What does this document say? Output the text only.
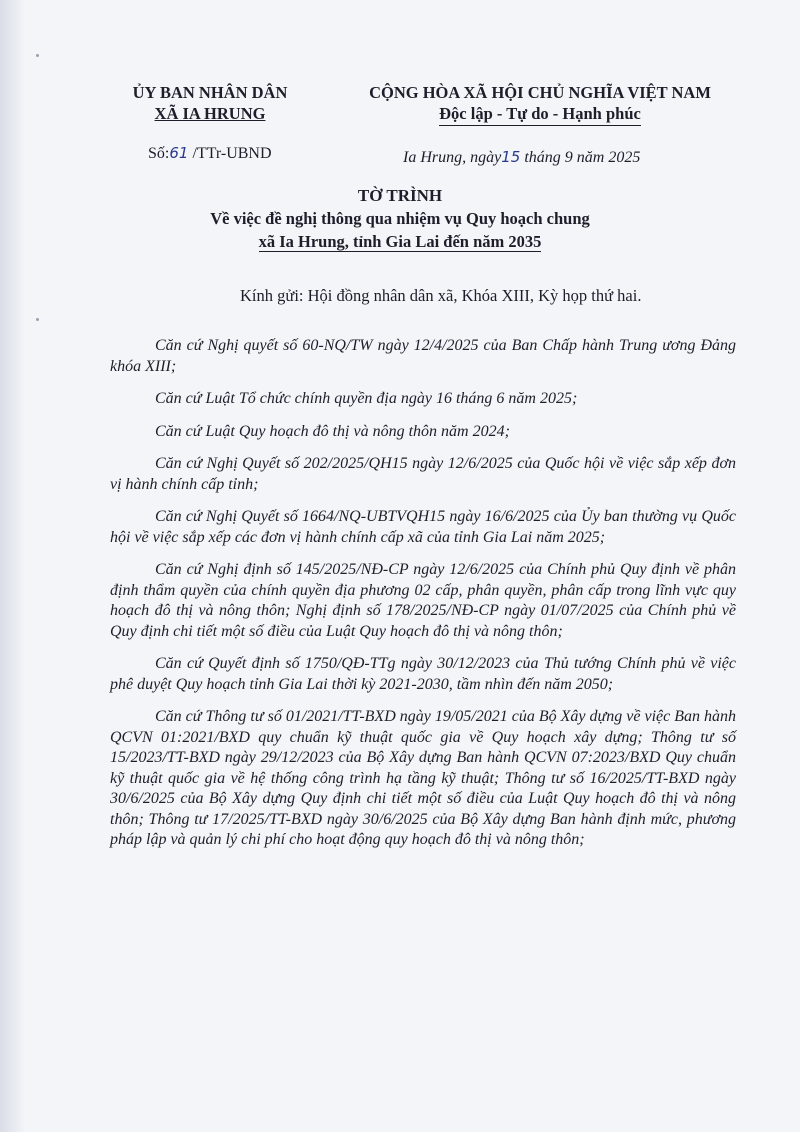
ỦY BAN NHÂN DÂN
XÃ IA HRUNG
CỘNG HÒA XÃ HỘI CHỦ NGHĨA VIỆT NAM
Độc lập - Tự do - Hạnh phúc
Số:61 /TTr-UBND	Ia Hrung, ngày15 tháng 9 năm 2025
TỜ TRÌNH
Về việc đề nghị thông qua nhiệm vụ Quy hoạch chung
xã Ia Hrung, tỉnh Gia Lai đến năm 2035
Kính gửi: Hội đồng nhân dân xã, Khóa XIII, Kỳ họp thứ hai.

Căn cứ Nghị quyết số 60-NQ/TW ngày 12/4/2025 của Ban Chấp hành Trung ương Đảng khóa XIII;

Căn cứ Luật Tổ chức chính quyền địa ngày 16 tháng 6 năm 2025;

Căn cứ Luật Quy hoạch đô thị và nông thôn năm 2024;

Căn cứ Nghị Quyết số 202/2025/QH15 ngày 12/6/2025 của Quốc hội về việc sắp xếp đơn vị hành chính cấp tỉnh;

Căn cứ Nghị Quyết số 1664/NQ-UBTVQH15 ngày 16/6/2025 của Ủy ban thường vụ Quốc hội về việc sắp xếp các đơn vị hành chính cấp xã của tỉnh Gia Lai năm 2025;

Căn cứ Nghị định số 145/2025/NĐ-CP ngày 12/6/2025 của Chính phủ Quy định về phân định thẩm quyền của chính quyền địa phương 02 cấp, phân quyền, phân cấp trong lĩnh vực quy hoạch đô thị và nông thôn; Nghị định số 178/2025/NĐ-CP ngày 01/07/2025 của Chính phủ về Quy định chi tiết một số điều của Luật Quy hoạch đô thị và nông thôn;

Căn cứ Quyết định số 1750/QĐ-TTg ngày 30/12/2023 của Thủ tướng Chính phủ về việc phê duyệt Quy hoạch tỉnh Gia Lai thời kỳ 2021-2030, tầm nhìn đến năm 2050;

Căn cứ Thông tư số 01/2021/TT-BXD ngày 19/05/2021 của Bộ Xây dựng về việc Ban hành QCVN 01:2021/BXD quy chuẩn kỹ thuật quốc gia về Quy hoạch xây dựng; Thông tư số 15/2023/TT-BXD ngày 29/12/2023 của Bộ Xây dựng Ban hành QCVN 07:2023/BXD Quy chuẩn kỹ thuật quốc gia về hệ thống công trình hạ tầng kỹ thuật; Thông tư số 16/2025/TT-BXD ngày 30/6/2025 của Bộ Xây dựng Quy định chi tiết một số điều của Luật Quy hoạch đô thị và nông thôn; Thông tư 17/2025/TT-BXD ngày 30/6/2025 của Bộ Xây dựng Ban hành định mức, phương pháp lập và quản lý chi phí cho hoạt động quy hoạch đô thị và nông thôn;
